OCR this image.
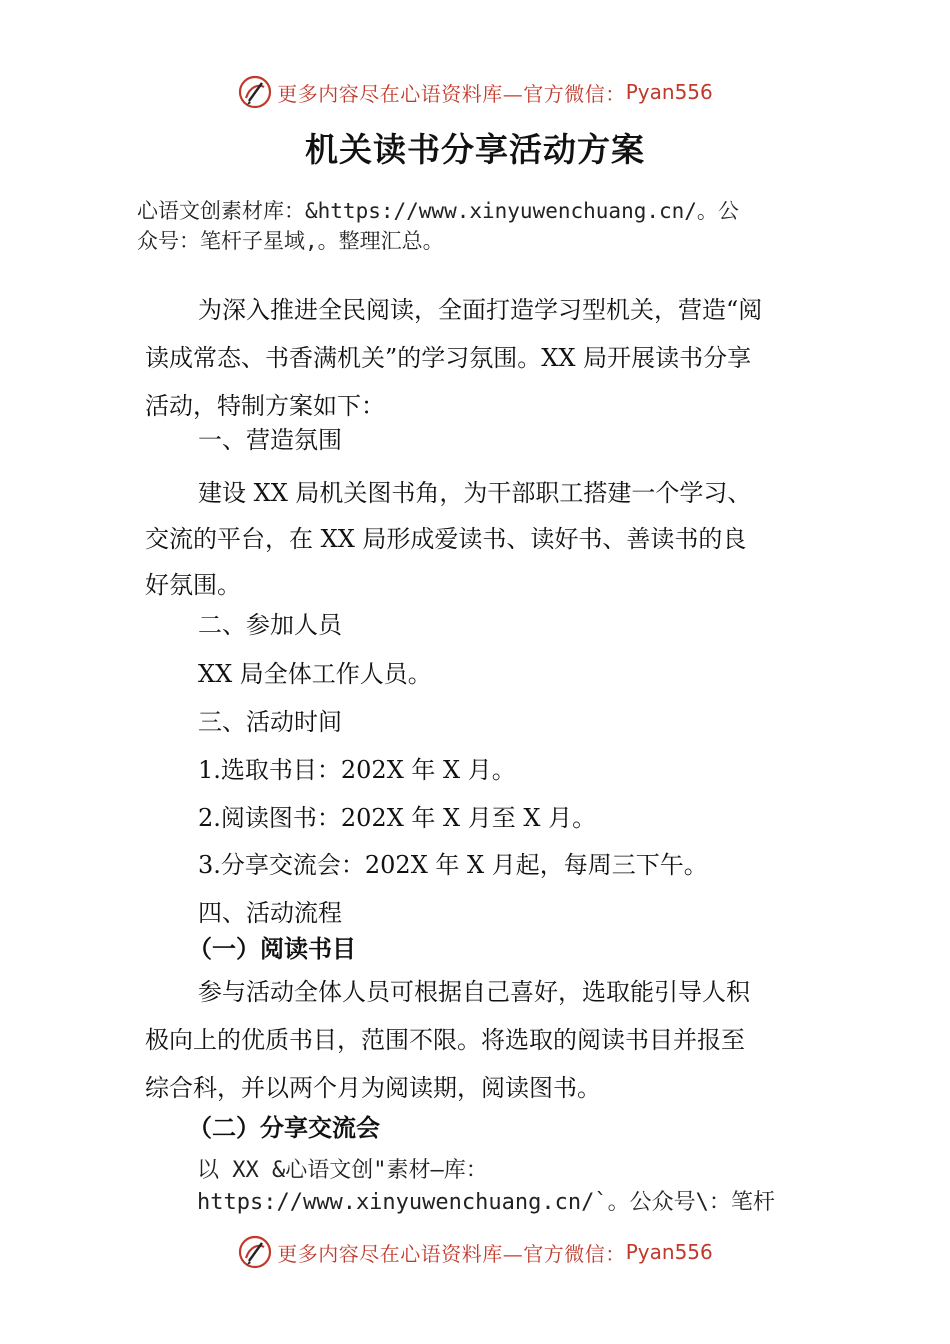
更多内容尽在心语资料库—官方微信： Pyan556
机关读书分享活动方案
心语文创素材库：&https://www.xinyuwenchuang.cn/。公
众号：笔杆子星域,。整理汇总。
为深入推进全民阅读，全面打造学习型机关，营造“阅
读成常态、书香满机关”的学习氛围。XX 局开展读书分享
活动，特制方案如下：
一、营造氛围
建设 XX 局机关图书角，为干部职工搭建一个学习、
交流的平台，在 XX 局形成爱读书、读好书、善读书的良
好氛围。
二、参加人员
XX 局全体工作人员。
三、活动时间
1.选取书目：202X 年 X 月。
2.阅读图书：202X 年 X 月至 X 月。
3.分享交流会：202X 年 X 月起，每周三下午。
四、活动流程
（一）阅读书目
参与活动全体人员可根据自己喜好，选取能引导人积
极向上的优质书目，范围不限。将选取的阅读书目并报至
综合科，并以两个月为阅读期，阅读图书。
（二）分享交流会
以 XX &心语文创"素材—库：
https://www.xinyuwenchuang.cn/`。公众号\：笔杆
更多内容尽在心语资料库—官方微信： Pyan556
